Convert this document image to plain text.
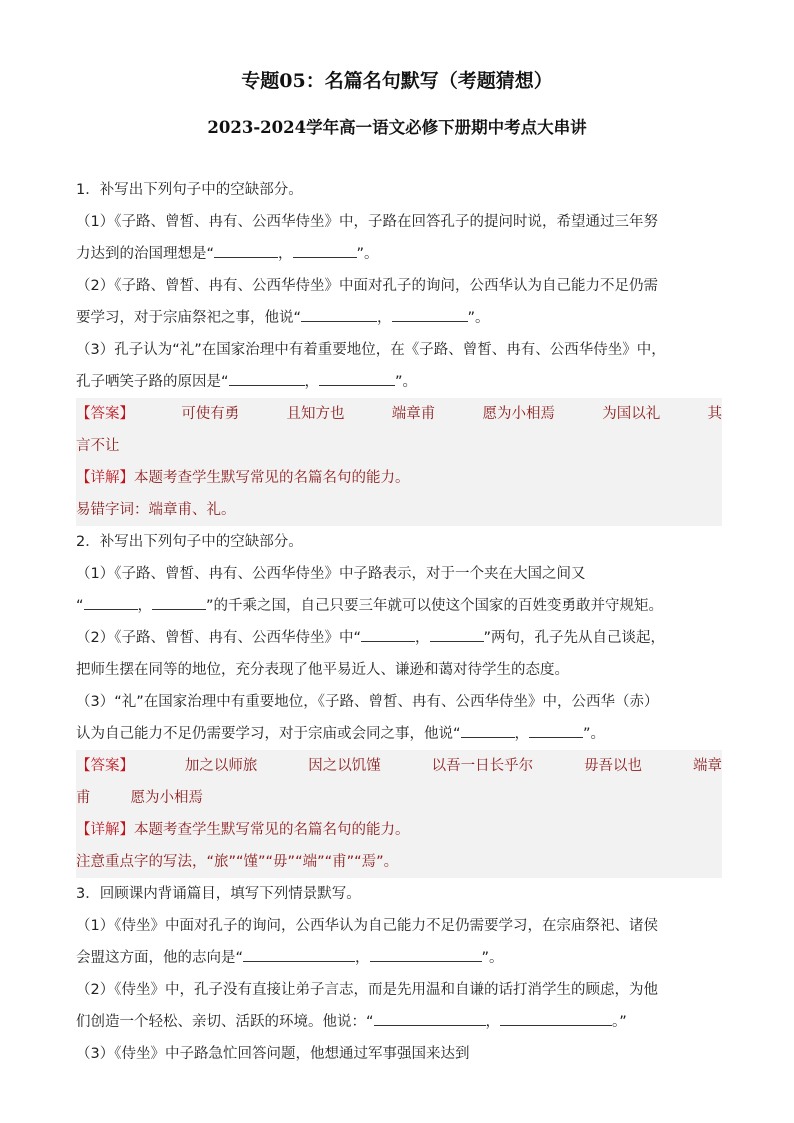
专题05：名篇名句默写（考题猜想）
2023-2024学年高一语文必修下册期中考点大串讲
1．补写出下列句子中的空缺部分。
（1）《子路、曾皙、冉有、公西华侍坐》中，子路在回答孔子的提问时说，希望通过三年努
力达到的治国理想是“	，	”。
（2）《子路、曾皙、冉有、公西华侍坐》中面对孔子的询问，公西华认为自己能力不足仍需
要学习，对于宗庙祭祀之事，他说“	，	”。
（3）孔子认为“礼”在国家治理中有着重要地位，在《子路、曾皙、冉有、公西华侍坐》中，
孔子哂笑子路的原因是“	，	”。
【答案】	可使有勇	且知方也	端章甫	愿为小相焉	为国以礼	其
言不让
【详解】本题考查学生默写常见的名篇名句的能力。
易错字词：端章甫、礼。
2．补写出下列句子中的空缺部分。
（1）《子路、曾皙、冉有、公西华侍坐》中子路表示，对于一个夹在大国之间又
“	，	”的千乘之国，自己只要三年就可以使这个国家的百姓变勇敢并守规矩。
（2）《子路、曾皙、冉有、公西华侍坐》中“	，	”两句，孔子先从自己谈起，
把师生摆在同等的地位，充分表现了他平易近人、谦逊和蔼对待学生的态度。
（3）“礼”在国家治理中有重要地位，《子路、曾皙、冉有、公西华侍坐》中，公西华（赤）
认为自己能力不足仍需要学习，对于宗庙或会同之事，他说“	，	”。
【答案】	加之以师旅	因之以饥馑	以吾一日长乎尔	毋吾以也	端章
甫	愿为小相焉
【详解】本题考查学生默写常见的名篇名句的能力。
注意重点字的写法，“旅”“馑”“毋”“端”“甫”“焉”。
3．回顾课内背诵篇目，填写下列情景默写。
（1）《侍坐》中面对孔子的询问，公西华认为自己能力不足仍需要学习，在宗庙祭祀、诸侯
会盟这方面，他的志向是“	，	”。
（2）《侍坐》中，孔子没有直接让弟子言志，而是先用温和自谦的话打消学生的顾虑，为他
们创造一个轻松、亲切、活跃的环境。他说：“	，	。”
（3）《侍坐》中子路急忙回答问题，他想通过军事强国来达到
